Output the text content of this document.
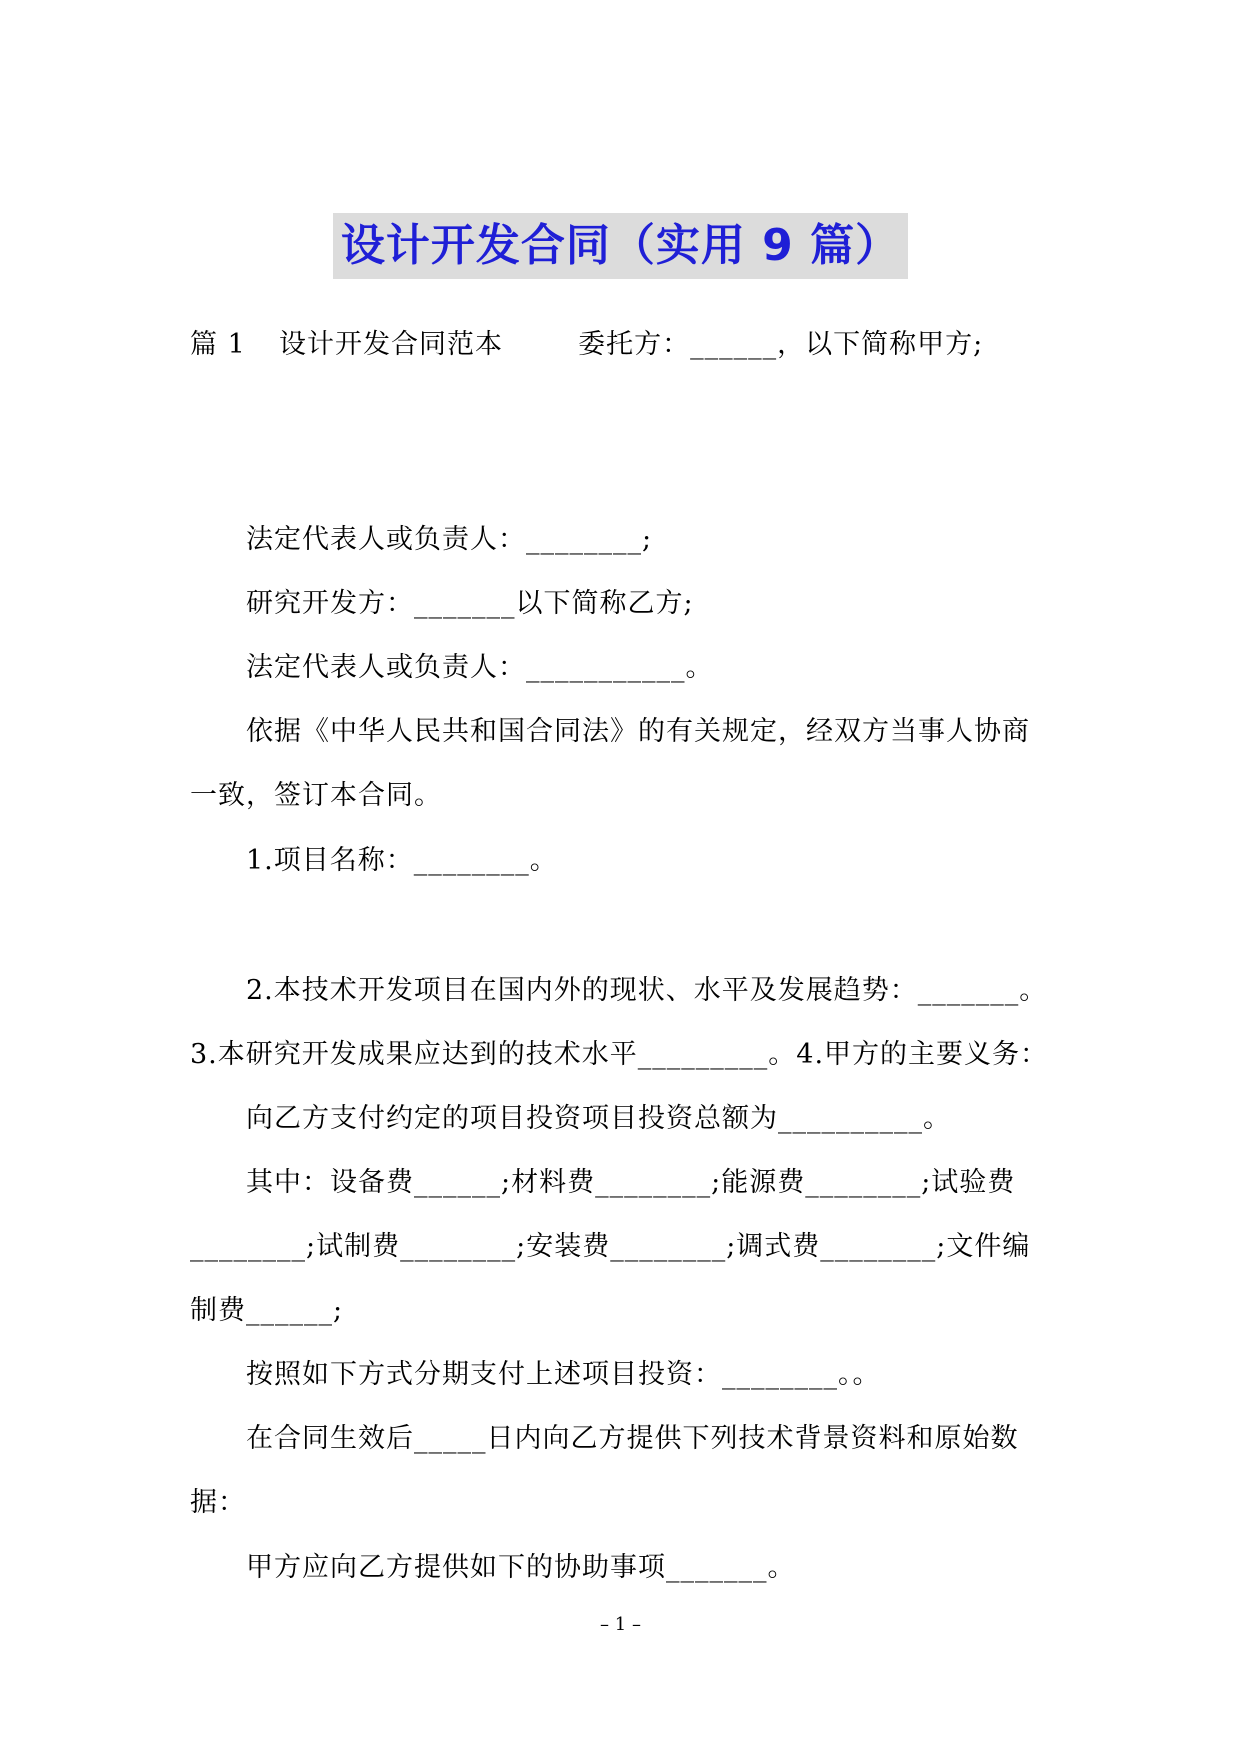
设计开发合同（实用 9 篇）
篇 1 设计开发合同范本	委托方：______，以下简称甲方;
法定代表人或负责人：________;
研究开发方：_______以下简称乙方;
法定代表人或负责人：___________。
依据《中华人民共和国合同法》的有关规定，经双方当事人协商
一致，签订本合同。
1.项目名称：________。
2.本技术开发项目在国内外的现状、水平及发展趋势：_______。
3.本研究开发成果应达到的技术水平_________。4.甲方的主要义务：
向乙方支付约定的项目投资项目投资总额为__________。
其中：设备费______;材料费________;能源费________;试验费
________;试制费________;安装费________;调式费________;文件编
制费______;
按照如下方式分期支付上述项目投资：________。。
在合同生效后_____日内向乙方提供下列技术背景资料和原始数
据：
甲方应向乙方提供如下的协助事项_______。
– 1 –
